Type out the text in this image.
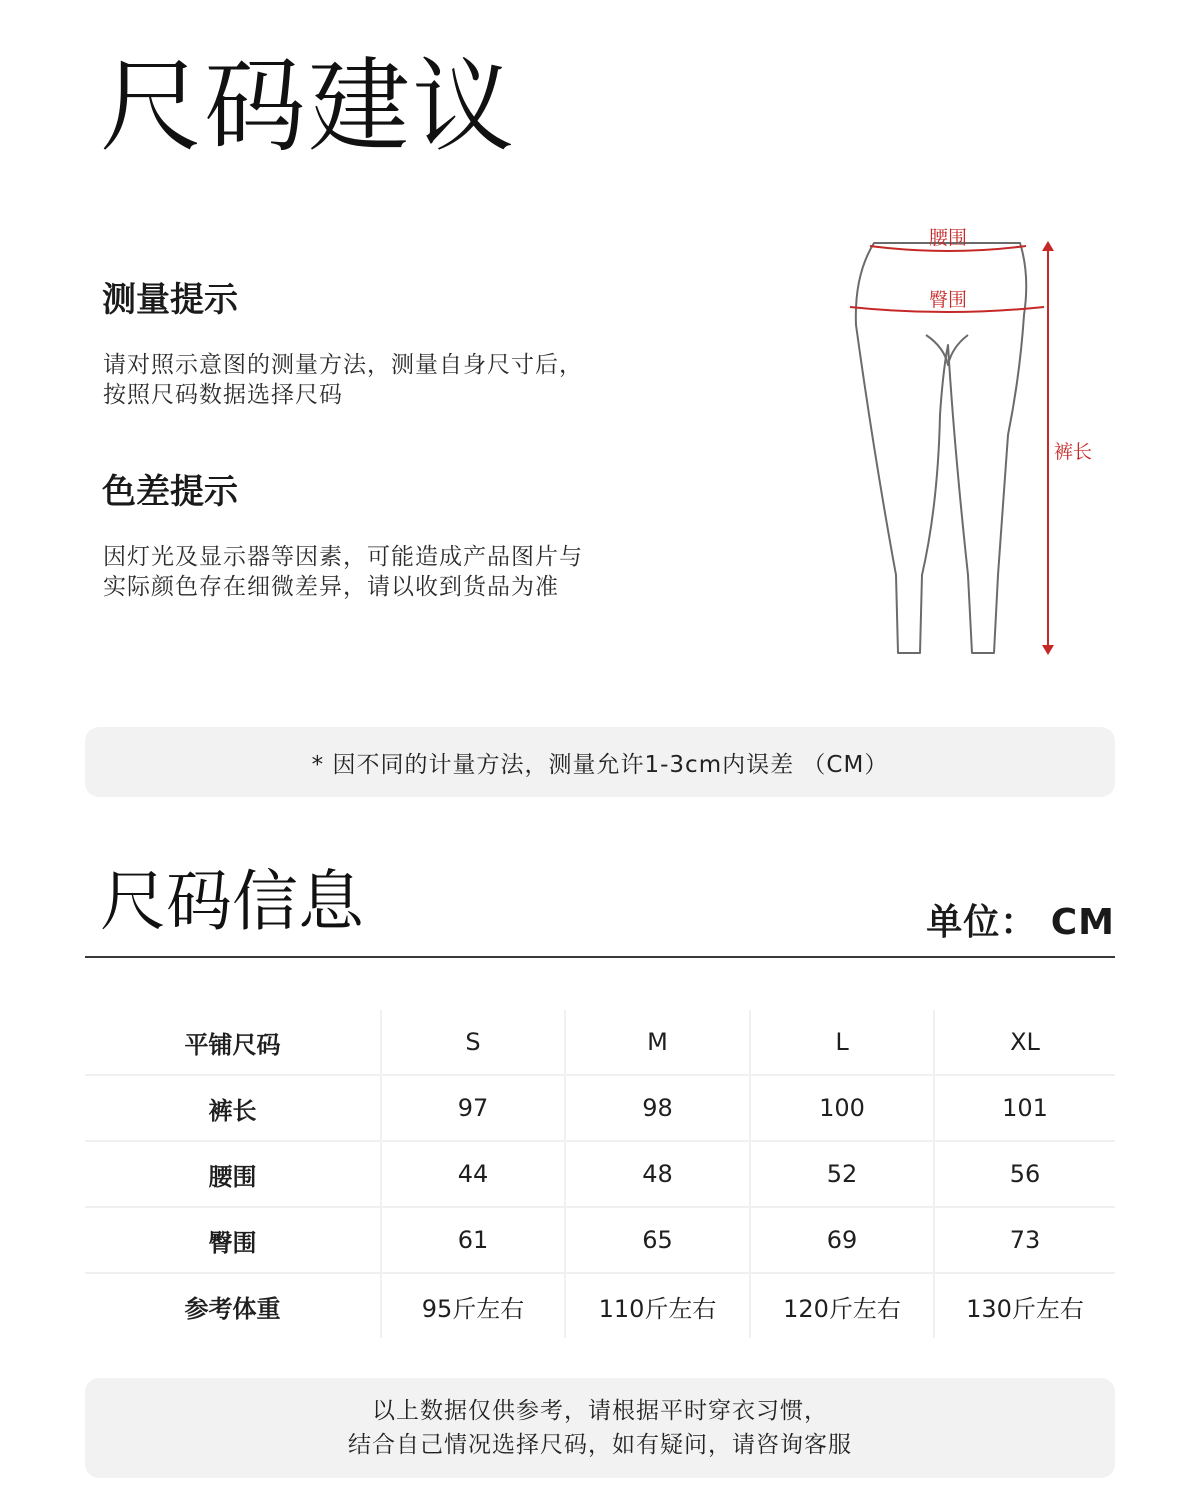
尺码建议
测量提示
请对照示意图的测量方法，测量自身尺寸后，
按照尺码数据选择尺码
色差提示
因灯光及显示器等因素，可能造成产品图片与
实际颜色存在细微差异，请以收到货品为准
腰围
臀围
裤长
* 因不同的计量方法，测量允许1-3cm内误差 （CM）
尺码信息	单位： CM
平铺尺码	S	M	L	XL
裤长	97	98	100	101
腰围	44	48	52	56
臀围	61	65	69	73
参考体重	95斤左右	110斤左右	120斤左右	130斤左右
以上数据仅供参考，请根据平时穿衣习惯，
结合自己情况选择尺码，如有疑问，请咨询客服
